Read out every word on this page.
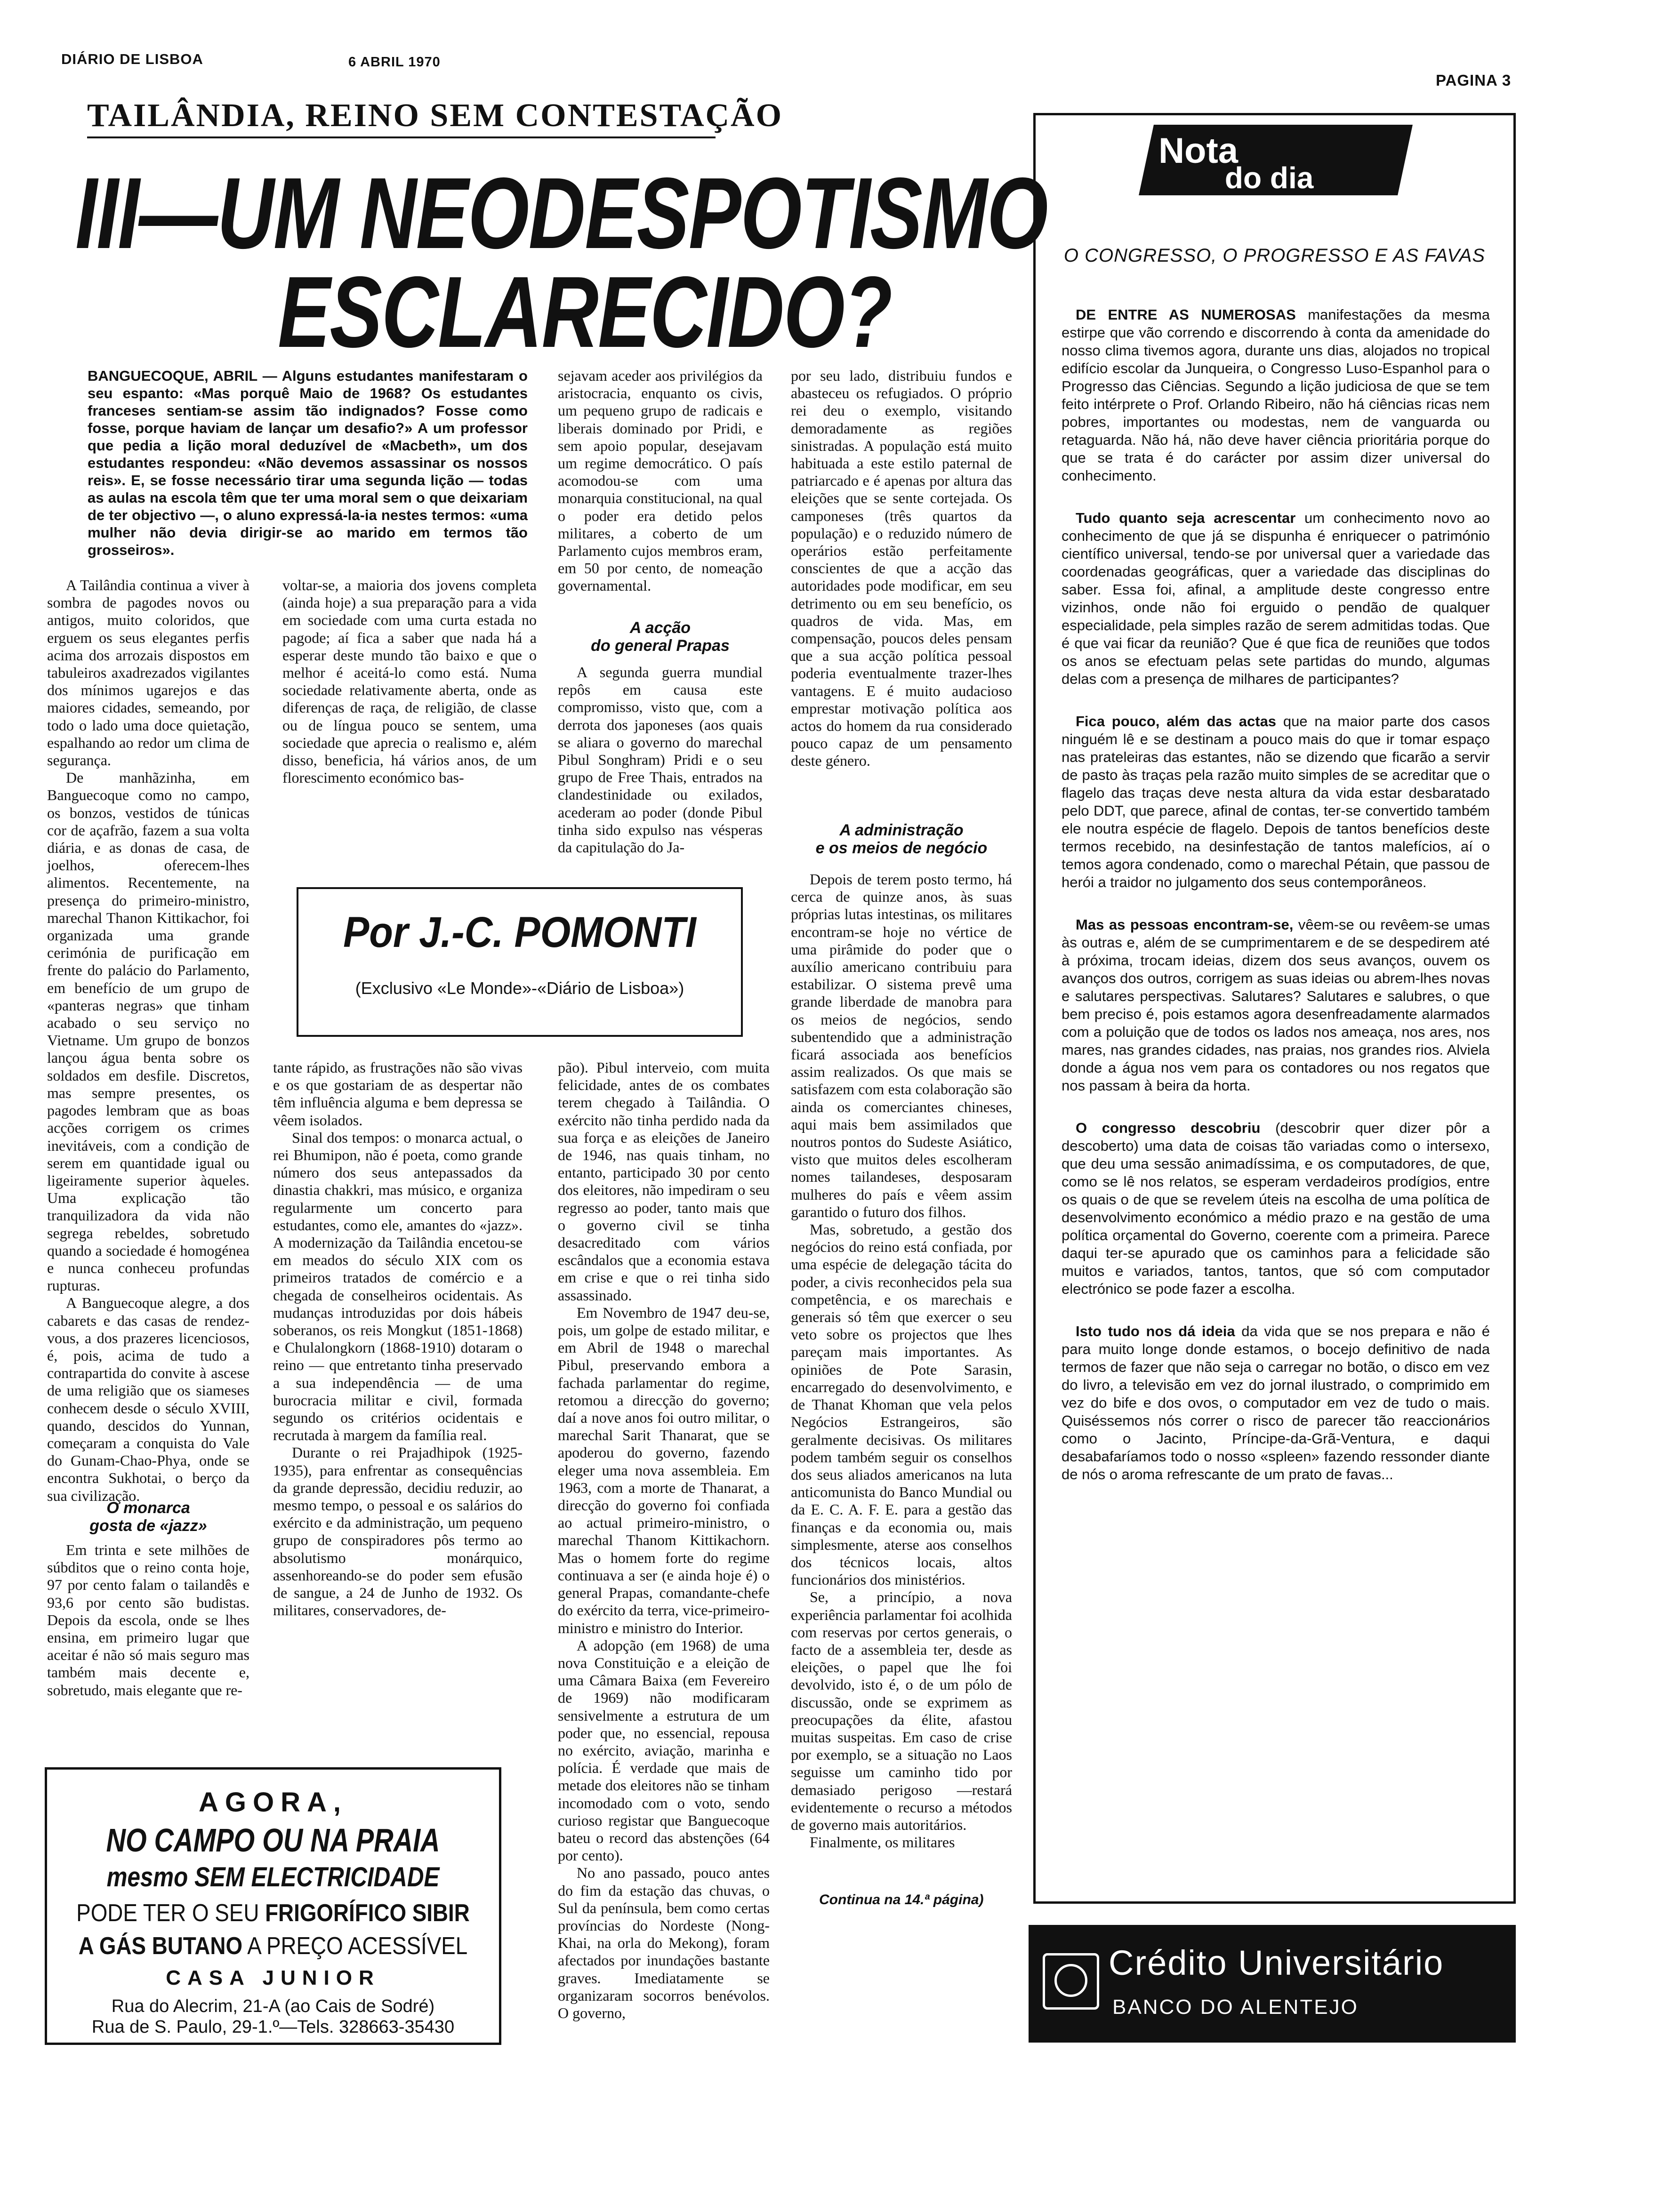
DIÁRIO DE LISBOA	6 ABRIL 1970
PAGINA 3
TAILÂNDIA, REINO SEM CONTESTAÇÃO
III—UM NEODESPOTISMO
ESCLARECIDO?
BANGUECOQUE, ABRIL — Alguns estudantes manifestaram o seu espanto: «Mas porquê Maio de 1968? Os estudantes franceses sentiam-se assim tão indignados? Fosse como fosse, porque haviam de lançar um desafio?» A um professor que pedia a lição moral deduzível de «Macbeth», um dos estudantes respondeu: «Não devemos assassinar os nossos reis». E, se fosse necessário tirar uma segunda lição — todas as aulas na escola têm que ter uma moral sem o que deixariam de ter objectivo —, o aluno expressá-la-ia nestes termos: «uma mulher não devia dirigir-se ao marido em termos tão grosseiros».

A Tailândia continua a viver à sombra de pagodes novos ou antigos, muito coloridos, que erguem os seus elegantes perfis acima dos arrozais dispostos em tabuleiros axadrezados vigilantes dos mínimos ugarejos e das maiores cidades, semeando, por todo o lado uma doce quietação, espalhando ao redor um clima de segurança.

De manhãzinha, em Banguecoque como no campo, os bonzos, vestidos de túnicas cor de açafrão, fazem a sua volta diária, e as donas de casa, de joelhos, oferecem-lhes alimentos. Recentemente, na presença do primeiro-ministro, marechal Thanon Kittikachor, foi organizada uma grande cerimónia de purificação em frente do palácio do Parlamento, em benefício de um grupo de «panteras negras» que tinham acabado o seu serviço no Vietname. Um grupo de bonzos lançou água benta sobre os soldados em desfile. Discretos, mas sempre presentes, os pagodes lembram que as boas acções corrigem os crimes inevitáveis, com a condição de serem em quantidade igual ou ligeiramente superior àqueles. Uma explicação tão tranquilizadora da vida não segrega rebeldes, sobretudo quando a sociedade é homogénea e nunca conheceu profundas rupturas.

A Banguecoque alegre, a dos cabarets e das casas de rendez-vous, a dos prazeres licenciosos, é, pois, acima de tudo a contrapartida do convite à ascese de uma religião que os siameses conhecem desde o século XVIII, quando, descidos do Yunnan, começaram a conquista do Vale do Gunam-Chao-Phya, onde se encontra Sukhotai, o berço da sua civilização.

O monarca
gosta de «jazz»

Em trinta e sete milhões de súbditos que o reino conta hoje, 97 por cento falam o tailandês e 93,6 por cento são budistas. Depois da escola, onde se lhes ensina, em primeiro lugar que aceitar é não só mais seguro mas também mais decente e, sobretudo, mais elegante que re-

voltar-se, a maioria dos jovens completa (ainda hoje) a sua preparação para a vida em sociedade com uma curta estada no pagode; aí fica a saber que nada há a esperar deste mundo tão baixo e que o melhor é aceitá-lo como está. Numa sociedade relativamente aberta, onde as diferenças de raça, de religião, de classe ou de língua pouco se sentem, uma sociedade que aprecia o realismo e, além disso, beneficia, há vários anos, de um florescimento económico bas-

tante rápido, as frustrações não são vivas e os que gostariam de as despertar não têm influência alguma e bem depressa se vêem isolados.

Sinal dos tempos: o monarca actual, o rei Bhumipon, não é poeta, como grande número dos seus antepassados da dinastia chakkri, mas músico, e organiza regularmente um concerto para estudantes, como ele, amantes do «jazz». A modernização da Tailândia encetou-se em meados do século XIX com os primeiros tratados de comércio e a chegada de conselheiros ocidentais. As mudanças introduzidas por dois hábeis soberanos, os reis Mongkut (1851-1868) e Chulalongkorn (1868-1910) dotaram o reino — que entretanto tinha preservado a sua independência — de uma burocracia militar e civil, formada segundo os critérios ocidentais e recrutada à margem da família real.

Durante o rei Prajadhipok (1925-1935), para enfrentar as consequências da grande depressão, decidiu reduzir, ao mesmo tempo, o pessoal e os salários do exército e da administração, um pequeno grupo de conspiradores pôs termo ao absolutismo monárquico, assenhoreando-se do poder sem efusão de sangue, a 24 de Junho de 1932. Os militares, conservadores, de-

sejavam aceder aos privilégios da aristocracia, enquanto os civis, um pequeno grupo de radicais e liberais dominado por Pridi, e sem apoio popular, desejavam um regime democrático. O país acomodou-se com uma monarquia constitucional, na qual o poder era detido pelos militares, a coberto de um Parlamento cujos membros eram, em 50 por cento, de nomeação governamental.

A acção
do general Prapas

A segunda guerra mundial repôs em causa este compromisso, visto que, com a derrota dos japoneses (aos quais se aliara o governo do marechal Pibul Songhram) Pridi e o seu grupo de Free Thais, entrados na clandestinidade ou exilados, acederam ao poder (donde Pibul tinha sido expulso nas vésperas da capitulação do Ja-

pão). Pibul interveio, com muita felicidade, antes de os combates terem chegado à Tailândia. O exército não tinha perdido nada da sua força e as eleições de Janeiro de 1946, nas quais tinham, no entanto, participado 30 por cento dos eleitores, não impediram o seu regresso ao poder, tanto mais que o governo civil se tinha desacreditado com vários escândalos que a economia estava em crise e que o rei tinha sido assassinado.

Em Novembro de 1947 deu-se, pois, um golpe de estado militar, e em Abril de 1948 o marechal Pibul, preservando embora a fachada parlamentar do regime, retomou a direcção do governo; daí a nove anos foi outro militar, o marechal Sarit Thanarat, que se apoderou do governo, fazendo eleger uma nova assembleia. Em 1963, com a morte de Thanarat, a direcção do governo foi confiada ao actual primeiro-ministro, o marechal Thanom Kittikachorn. Mas o homem forte do regime continuava a ser (e ainda hoje é) o general Prapas, comandante-chefe do exército da terra, vice-primeiro-ministro e ministro do Interior.

A adopção (em 1968) de uma nova Constituição e a eleição de uma Câmara Baixa (em Fevereiro de 1969) não modificaram sensivelmente a estrutura de um poder que, no essencial, repousa no exército, aviação, marinha e polícia. É verdade que mais de metade dos eleitores não se tinham incomodado com o voto, sendo curioso registar que Banguecoque bateu o record das abstenções (64 por cento).

No ano passado, pouco antes do fim da estação das chuvas, o Sul da península, bem como certas províncias do Nordeste (Nong-Khai, na orla do Mekong), foram afectados por inundações bastante graves. Imediatamente se organizaram socorros benévolos. O governo,

Por J.-C. POMONTI
(Exclusivo «Le Monde»-«Diário de Lisboa»)

por seu lado, distribuiu fundos e abasteceu os refugiados. O próprio rei deu o exemplo, visitando demoradamente as regiões sinistradas. A população está muito habituada a este estilo paternal de patriarcado e é apenas por altura das eleições que se sente cortejada. Os camponeses (três quartos da população) e o reduzido número de operários estão perfeitamente conscientes de que a acção das autoridades pode modificar, em seu detrimento ou em seu benefício, os quadros de vida. Mas, em compensação, poucos deles pensam que a sua acção política pessoal poderia eventualmente trazer-lhes vantagens. E é muito audacioso emprestar motivação política aos actos do homem da rua considerado pouco capaz de um pensamento deste género.

A administração
e os meios de negócio

Depois de terem posto termo, há cerca de quinze anos, às suas próprias lutas intestinas, os militares encontram-se hoje no vértice de uma pirâmide do poder que o auxílio americano contribuiu para estabilizar. O sistema prevê uma grande liberdade de manobra para os meios de negócios, sendo subentendido que a administração ficará associada aos benefícios assim realizados. Os que mais se satisfazem com esta colaboração são ainda os comerciantes chineses, aqui mais bem assimilados que noutros pontos do Sudeste Asiático, visto que muitos deles escolheram nomes tailandeses, desposaram mulheres do país e vêem assim garantido o futuro dos filhos.

Mas, sobretudo, a gestão dos negócios do reino está confiada, por uma espécie de delegação tácita do poder, a civis reconhecidos pela sua competência, e os marechais e generais só têm que exercer o seu veto sobre os projectos que lhes pareçam mais importantes. As opiniões de Pote Sarasin, encarregado do desenvolvimento, e de Thanat Khoman que vela pelos Negócios Estrangeiros, são geralmente decisivas. Os militares podem também seguir os conselhos dos seus aliados americanos na luta anticomunista do Banco Mundial ou da E. C. A. F. E. para a gestão das finanças e da economia ou, mais simplesmente, aterse aos conselhos dos técnicos locais, altos funcionários dos ministérios.

Se, a princípio, a nova experiência parlamentar foi acolhida com reservas por certos generais, o facto de a assembleia ter, desde as eleições, o papel que lhe foi devolvido, isto é, o de um pólo de discussão, onde se exprimem as preocupações da élite, afastou muitas suspeitas. Em caso de crise por exemplo, se a situação no Laos seguisse um caminho tido por demasiado perigoso —restará evidentemente o recurso a métodos de governo mais autoritários.

Finalmente, os militares

Continua na 14.ª página)
AGORA,
NO CAMPO OU NA PRAIA
mesmo SEM ELECTRICIDADE
PODE TER O SEU FRIGORÍFICO SIBIR
A GÁS BUTANO A PREÇO ACESSÍVEL
CASA JUNIOR
Rua do Alecrim, 21-A (ao Cais de Sodré)
Rua de S. Paulo, 29-1.º—Tels. 328663-35430
Nota
do dia
O CONGRESSO, O PROGRESSO E AS FAVAS

DE ENTRE AS NUMEROSAS manifestações da mesma estirpe que vão correndo e discorrendo à conta da amenidade do nosso clima tivemos agora, durante uns dias, alojados no tropical edifício escolar da Junqueira, o Congresso Luso-Espanhol para o Progresso das Ciências. Segundo a lição judiciosa de que se tem feito intérprete o Prof. Orlando Ribeiro, não há ciências ricas nem pobres, importantes ou modestas, nem de vanguarda ou retaguarda. Não há, não deve haver ciência prioritária porque do que se trata é do carácter por assim dizer universal do conhecimento.

Tudo quanto seja acrescentar um conhecimento novo ao conhecimento de que já se dispunha é enriquecer o património científico universal, tendo-se por universal quer a variedade das coordenadas geográficas, quer a variedade das disciplinas do saber. Essa foi, afinal, a amplitude deste congresso entre vizinhos, onde não foi erguido o pendão de qualquer especialidade, pela simples razão de serem admitidas todas. Que é que vai ficar da reunião? Que é que fica de reuniões que todos os anos se efectuam pelas sete partidas do mundo, algumas delas com a presença de milhares de participantes?

Fica pouco, além das actas que na maior parte dos casos ninguém lê e se destinam a pouco mais do que ir tomar espaço nas prateleiras das estantes, não se dizendo que ficarão a servir de pasto às traças pela razão muito simples de se acreditar que o flagelo das traças deve nesta altura da vida estar desbaratado pelo DDT, que parece, afinal de contas, ter-se convertido também ele noutra espécie de flagelo. Depois de tantos benefícios deste termos recebido, na desinfestação de tantos malefícios, aí o temos agora condenado, como o marechal Pétain, que passou de herói a traidor no julgamento dos seus contemporâneos.

Mas as pessoas encontram-se, vêem-se ou revêem-se umas às outras e, além de se cumprimentarem e de se despedirem até à próxima, trocam ideias, dizem dos seus avanços, ouvem os avanços dos outros, corrigem as suas ideias ou abrem-lhes novas e salutares perspectivas. Salutares? Salutares e salubres, o que bem preciso é, pois estamos agora desenfreadamente alarmados com a poluição que de todos os lados nos ameaça, nos ares, nos mares, nas grandes cidades, nas praias, nos grandes rios. Alviela donde a água nos vem para os contadores ou nos regatos que nos passam à beira da horta.

O congresso descobriu (descobrir quer dizer pôr a descoberto) uma data de coisas tão variadas como o intersexo, que deu uma sessão animadíssima, e os computadores, de que, como se lê nos relatos, se esperam verdadeiros prodígios, entre os quais o de que se revelem úteis na escolha de uma política de desenvolvimento económico a médio prazo e na gestão de uma política orçamental do Governo, coerente com a primeira. Parece daqui ter-se apurado que os caminhos para a felicidade são muitos e variados, tantos, tantos, que só com computador electrónico se pode fazer a escolha.

Isto tudo nos dá ideia da vida que se nos prepara e não é para muito longe donde estamos, o bocejo definitivo de nada termos de fazer que não seja o carregar no botão, o disco em vez do livro, a televisão em vez do jornal ilustrado, o comprimido em vez do bife e dos ovos, o computador em vez de tudo o mais. Quiséssemos nós correr o risco de parecer tão reaccionários como o Jacinto, Príncipe-da-Grã-Ventura, e daqui desabafaríamos todo o nosso «spleen» fazendo ressonder diante de nós o aroma refrescante de um prato de favas...

Crédito Universitário
BANCO DO ALENTEJO
